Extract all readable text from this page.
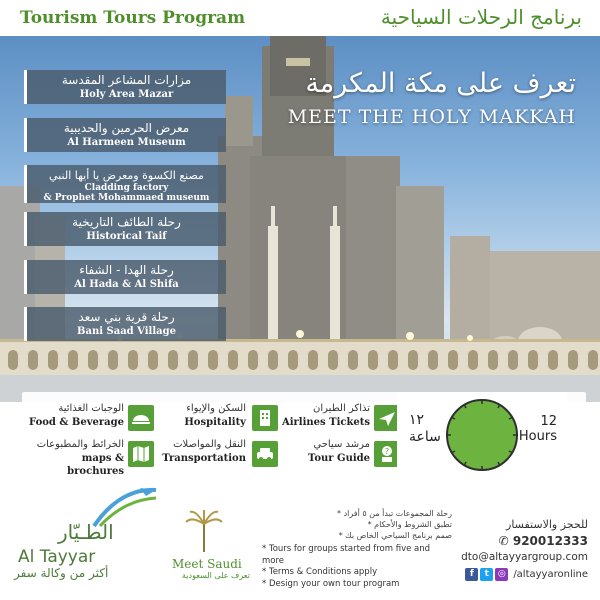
Tourism Tours Program	برنامج الرحلات السياحية
تعرف على مكة المكرمة
MEET THE HOLY MAKKAH
مزارات المشاعر المقدسة
Holy Area Mazar
معرض الحرمين والحديبية
Al Harmeen Museum
مصنع الكسوة ومعرض يا أيها النبي
Cladding factory
& Prophet Mohammaed museum
رحلة الطائف التاريخية
Historical Taif
رحلة الهدا - الشفاء
Al Hada & Al Shifa
رحلة قرية بني سعد
Bani Saad Village
تذاكر الطيران
Airlines Tickets
السكن والإيواء
Hospitality
الوجبات الغذائية
Food & Beverage
?
مرشد سياحي
Tour Guide
النقل والمواصلات
Transportation
الخرائط والمطبوعات
maps & brochures
١٢
ساعة
12
Hours
الطـيّار
Al Tayyar
أكثر من وكالة سفر
Meet Saudi
تعرف على السعودية
رحلة المجموعات تبدأ من ٥ أفراد *
تطبق الشروط والأحكام *
صمم برنامج السياحي الخاص بك *
* Tours for groups started from five and more
* Terms & Conditions apply
* Design your own tour program
للحجز والاستفسار
✆ 920012333
dto@altayyargroup.com
f	t ◎ /altayyaronline
